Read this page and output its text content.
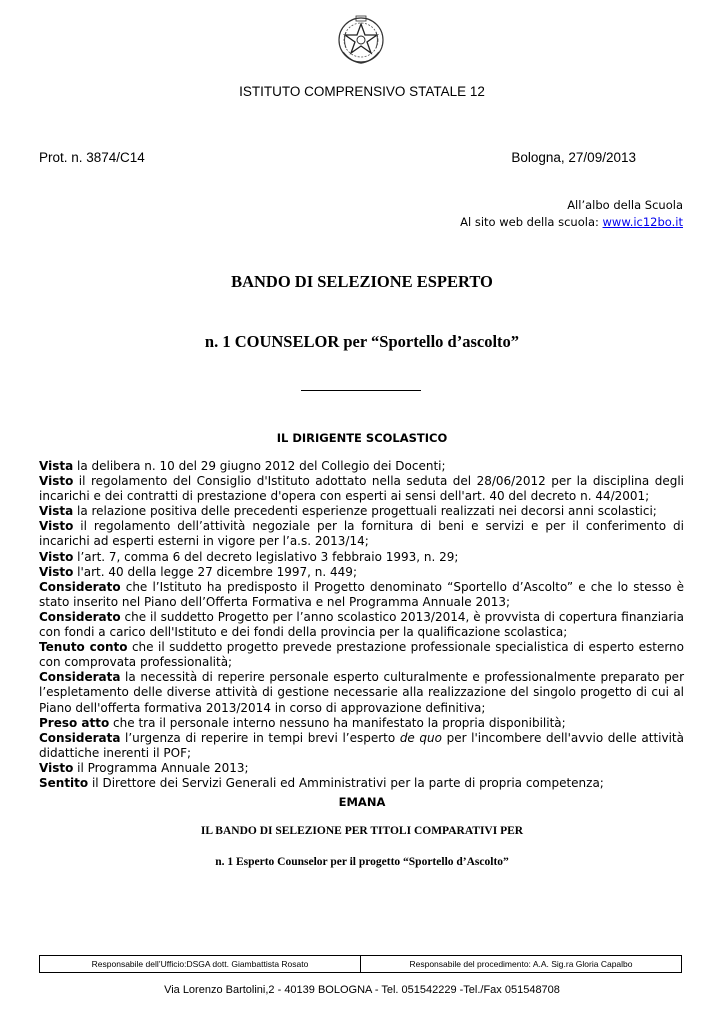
ISTITUTO COMPRENSIVO STATALE 12
Prot. n. 3874/C14	Bologna, 27/09/2013
All’albo della Scuola
Al sito web della scuola: www.ic12bo.it
BANDO DI SELEZIONE ESPERTO
n. 1 COUNSELOR per “Sportello d’ascolto”
IL DIRIGENTE SCOLASTICO
Vista la delibera n. 10 del 29 giugno 2012 del Collegio dei Docenti;
Visto il regolamento del Consiglio d'Istituto adottato nella seduta del 28/06/2012 per la disciplina degli incarichi e dei contratti di prestazione d'opera con esperti ai sensi dell'art. 40 del decreto n. 44/2001;
Vista la relazione positiva delle precedenti esperienze progettuali realizzati nei decorsi anni scolastici;
Visto il regolamento dell’attività negoziale per la fornitura di beni e servizi e per il conferimento di incarichi ad esperti esterni in vigore per l’a.s. 2013/14;
Visto l’art. 7, comma 6 del decreto legislativo 3 febbraio 1993, n. 29;
Visto l'art. 40 della legge 27 dicembre 1997, n. 449;
Considerato che l’Istituto ha predisposto il Progetto denominato “Sportello d’Ascolto” e che lo stesso è stato inserito nel Piano dell’Offerta Formativa e nel Programma Annuale 2013;
Considerato che il suddetto Progetto per l’anno scolastico 2013/2014, è provvista di copertura finanziaria con fondi a carico dell'Istituto e dei fondi della provincia per la qualificazione scolastica;
Tenuto conto che il suddetto progetto prevede prestazione professionale specialistica di esperto esterno con comprovata professionalità;
Considerata la necessità di reperire personale esperto culturalmente e professionalmente preparato per l’espletamento delle diverse attività di gestione necessarie alla realizzazione del singolo progetto di cui al Piano dell'offerta formativa 2013/2014 in corso di approvazione definitiva;
Preso atto che tra il personale interno nessuno ha manifestato la propria disponibilità;
Considerata l’urgenza di reperire in tempi brevi l’esperto de quo per l'incombere dell'avvio delle attività didattiche inerenti il POF;
Visto il Programma Annuale 2013;
Sentito il Direttore dei Servizi Generali ed Amministrativi per la parte di propria competenza;
EMANA
IL BANDO DI SELEZIONE PER TITOLI COMPARATIVI PER
n. 1 Esperto Counselor per il progetto “Sportello d’Ascolto”
Responsabile dell’Ufficio:DSGA dott. Giambattista Rosato	Responsabile del procedimento: A.A. Sig.ra Gloria Capalbo
Via Lorenzo Bartolini,2 - 40139 BOLOGNA - Tel. 051542229 -Tel./Fax 051548708
